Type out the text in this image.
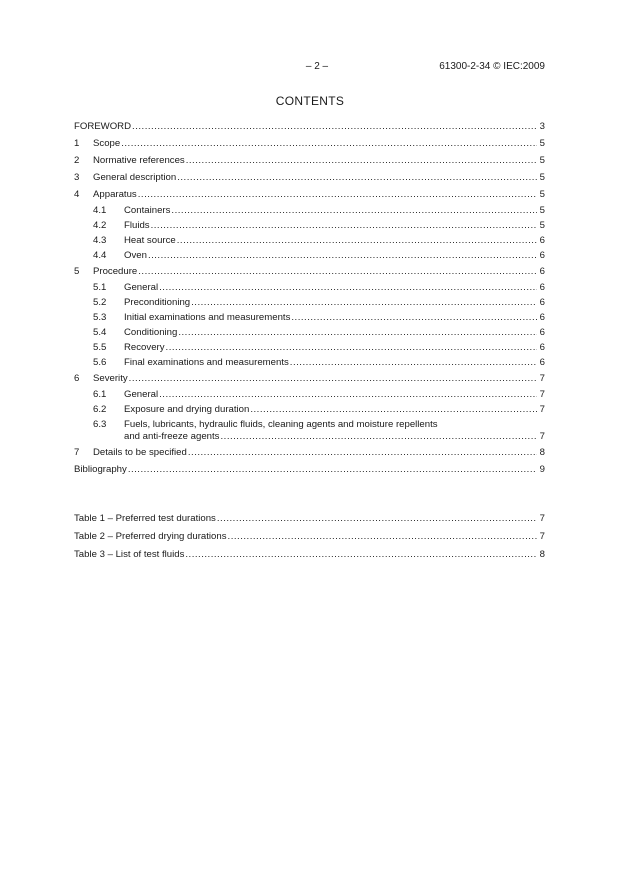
– 2 –	61300-2-34 © IEC:2009
CONTENTS
FOREWORD .....	3
1	Scope .....	5
2	Normative references .....	5
3	General description .....	5
4	Apparatus .....	5
4.1	Containers .....	5
4.2	Fluids .....	5
4.3	Heat source .....	6
4.4	Oven .....	6
5	Procedure .....	6
5.1	General .....	6
5.2	Preconditioning .....	6
5.3	Initial examinations and measurements .....	6
5.4	Conditioning .....	6
5.5	Recovery .....	6
5.6	Final examinations and measurements .....	6
6	Severity .....	7
6.1	General .....	7
6.2	Exposure and drying duration .....	7
6.3	Fuels, lubricants, hydraulic fluids, cleaning agents and moisture repellents
and anti-freeze agents .....	7
7	Details to be specified .....	8
Bibliography .....	9
Table 1 – Preferred test durations .....	7
Table 2 – Preferred drying durations .....	7
Table 3 – List of test fluids .....	8
